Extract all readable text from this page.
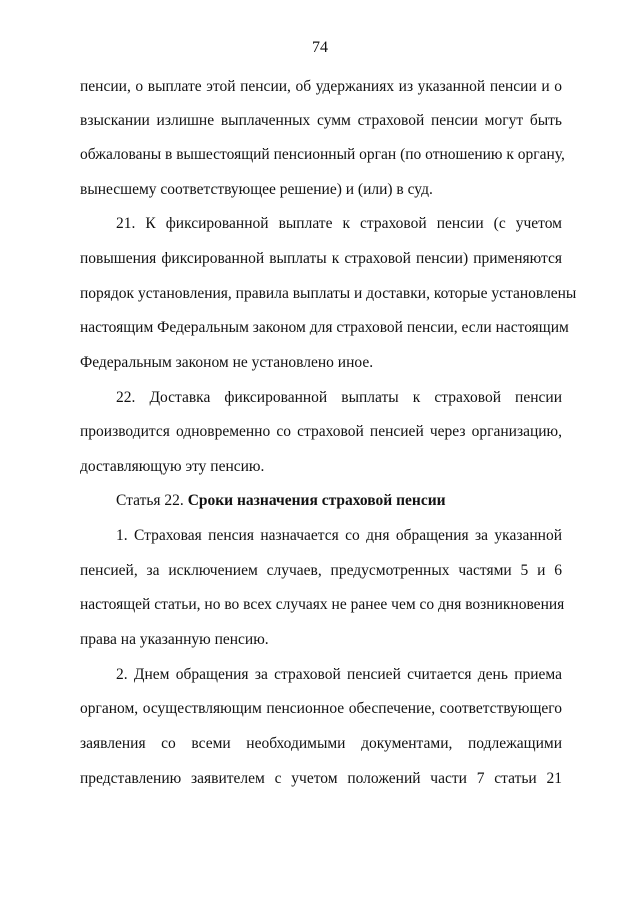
74
пенсии, о выплате этой пенсии, об удержаниях из указанной пенсии и о
взыскании излишне выплаченных сумм страховой пенсии могут быть
обжалованы в вышестоящий пенсионный орган (по отношению к органу,
вынесшему соответствующее решение) и (или) в суд.
21. К фиксированной выплате к страховой пенсии (с учетом
повышения фиксированной выплаты к страховой пенсии) применяются
порядок установления, правила выплаты и доставки, которые установлены
настоящим Федеральным законом для страховой пенсии, если настоящим
Федеральным законом не установлено иное.
22. Доставка фиксированной выплаты к страховой пенсии
производится одновременно со страховой пенсией через организацию,
доставляющую эту пенсию.
Статья 22. Сроки назначения страховой пенсии
1. Страховая пенсия назначается со дня обращения за указанной
пенсией, за исключением случаев, предусмотренных частями 5 и 6
настоящей статьи, но во всех случаях не ранее чем со дня возникновения
права на указанную пенсию.
2. Днем обращения за страховой пенсией считается день приема
органом, осуществляющим пенсионное обеспечение, соответствующего
заявления со всеми необходимыми документами, подлежащими
представлению заявителем с учетом положений части 7 статьи 21
